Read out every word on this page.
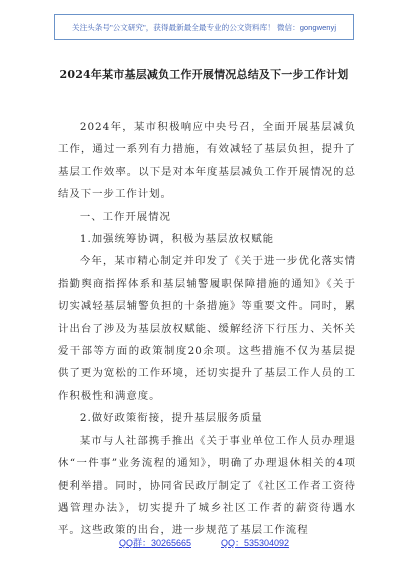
关注头条号"公文研究"，获得最新最全最专业的公文资料库！ 微信：gongwenyj
2024年某市基层减负工作开展情况总结及下一步工作计划

2024年，某市积极响应中央号召，全面开展基层减负工作，通过一系列有力措施，有效减轻了基层负担，提升了基层工作效率。以下是对本年度基层减负工作开展情况的总结及下一步工作计划。

一、工作开展情况

1.加强统筹协调，积极为基层放权赋能

今年，某市精心制定并印发了《关于进一步优化落实情指勤舆商指挥体系和基层辅警履职保障措施的通知》《关于切实减轻基层辅警负担的十条措施》等重要文件。同时，累计出台了涉及为基层放权赋能、缓解经济下行压力、关怀关爱干部等方面的政策制度20余项。这些措施不仅为基层提供了更为宽松的工作环境，还切实提升了基层工作人员的工作积极性和满意度。

2.做好政策衔接，提升基层服务质量

某市与人社部携手推出《关于事业单位工作人员办理退休“一件事”业务流程的通知》，明确了办理退休相关的4项便利举措。同时，协同省民政厅制定了《社区工作者工资待遇管理办法》，切实提升了城乡社区工作者的薪资待遇水平。这些政策的出台，进一步规范了基层工作流程

QQ群：30265665	QQ：535304092
